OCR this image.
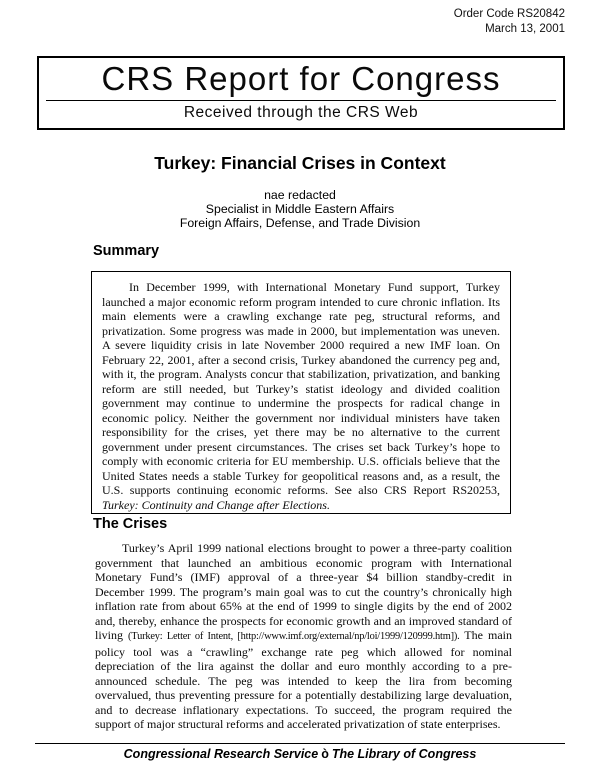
Order Code RS20842
March 13, 2001
CRS Report for Congress
Received through the CRS Web
Turkey: Financial Crises in Context
nae redacted
Specialist in Middle Eastern Affairs
Foreign Affairs, Defense, and Trade Division
Summary

In December 1999, with International Monetary Fund support, Turkey launched a major economic reform program intended to cure chronic inflation. Its main elements were a crawling exchange rate peg, structural reforms, and privatization. Some progress was made in 2000, but implementation was uneven. A severe liquidity crisis in late November 2000 required a new IMF loan. On February 22, 2001, after a second crisis, Turkey abandoned the currency peg and, with it, the program. Analysts concur that stabilization, privatization, and banking reform are still needed, but Turkey’s statist ideology and divided coalition government may continue to undermine the prospects for radical change in economic policy. Neither the government nor individual ministers have taken responsibility for the crises, yet there may be no alternative to the current government under present circumstances. The crises set back Turkey’s hope to comply with economic criteria for EU membership. U.S. officials believe that the United States needs a stable Turkey for geopolitical reasons and, as a result, the U.S. supports continuing economic reforms. See also CRS Report RS20253, Turkey: Continuity and Change after Elections.

The Crises

Turkey’s April 1999 national elections brought to power a three-party coalition government that launched an ambitious economic program with International Monetary Fund’s (IMF) approval of a three-year $4 billion standby-credit in December 1999. The program’s main goal was to cut the country’s chronically high inflation rate from about 65% at the end of 1999 to single digits by the end of 2002 and, thereby, enhance the prospects for economic growth and an improved standard of living (Turkey: Letter of Intent, [http://www.imf.org/external/np/loi/1999/120999.htm]). The main policy tool was a “crawling” exchange rate peg which allowed for nominal depreciation of the lira against the dollar and euro monthly according to a pre-announced schedule. The peg was intended to keep the lira from becoming overvalued, thus preventing pressure for a potentially destabilizing large devaluation, and to decrease inflationary expectations. To succeed, the program required the support of major structural reforms and accelerated privatization of state enterprises.

Congressional Research Service ò The Library of Congress
